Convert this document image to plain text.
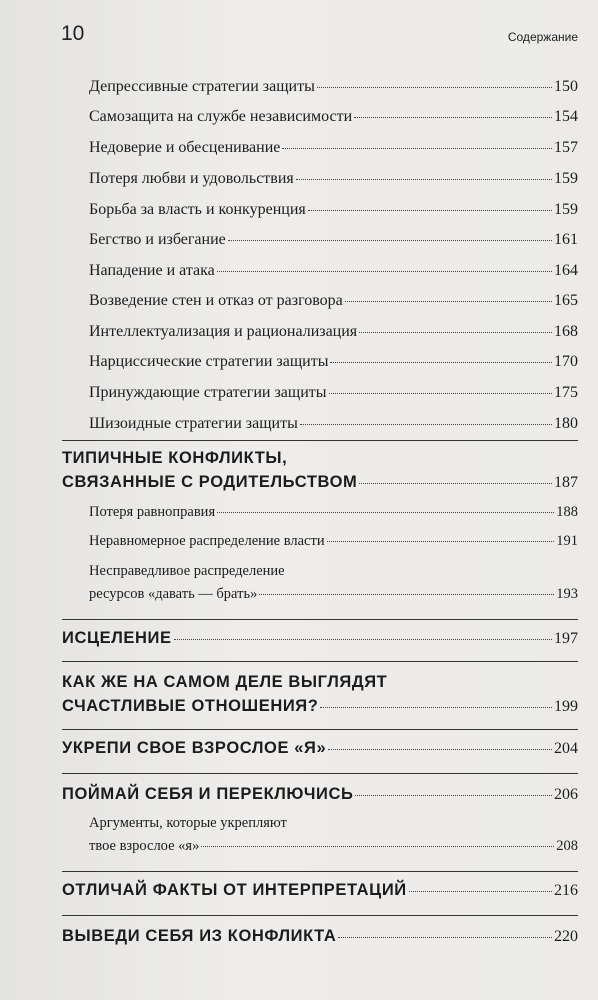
10	Содержание
Депрессивные стратегии защиты	150
Самозащита на службе независимости	154
Недоверие и обесценивание	157
Потеря любви и удовольствия	159
Борьба за власть и конкуренция	159
Бегство и избегание	161
Нападение и атака	164
Возведение стен и отказ от разговора	165
Интеллектуализация и рационализация	168
Нарциссические стратегии защиты	170
Принуждающие стратегии защиты	175
Шизоидные стратегии защиты	180
ТИПИЧНЫЕ КОНФЛИКТЫ,
СВЯЗАННЫЕ С РОДИТЕЛЬСТВОМ	187
Потеря равноправия	188
Неравномерное распределение власти	191
Несправедливое распределение
ресурсов «давать — брать»	193
ИСЦЕЛЕНИЕ	197
КАК ЖЕ НА САМОМ ДЕЛЕ ВЫГЛЯДЯТ
СЧАСТЛИВЫЕ ОТНОШЕНИЯ?	199
УКРЕПИ СВОЕ ВЗРОСЛОЕ «Я»	204
ПОЙМАЙ СЕБЯ И ПЕРЕКЛЮЧИСЬ	206
Аргументы, которые укрепляют
твое взрослое «я»	208
ОТЛИЧАЙ ФАКТЫ ОТ ИНТЕРПРЕТАЦИЙ	216
ВЫВЕДИ СЕБЯ ИЗ КОНФЛИКТА	220
